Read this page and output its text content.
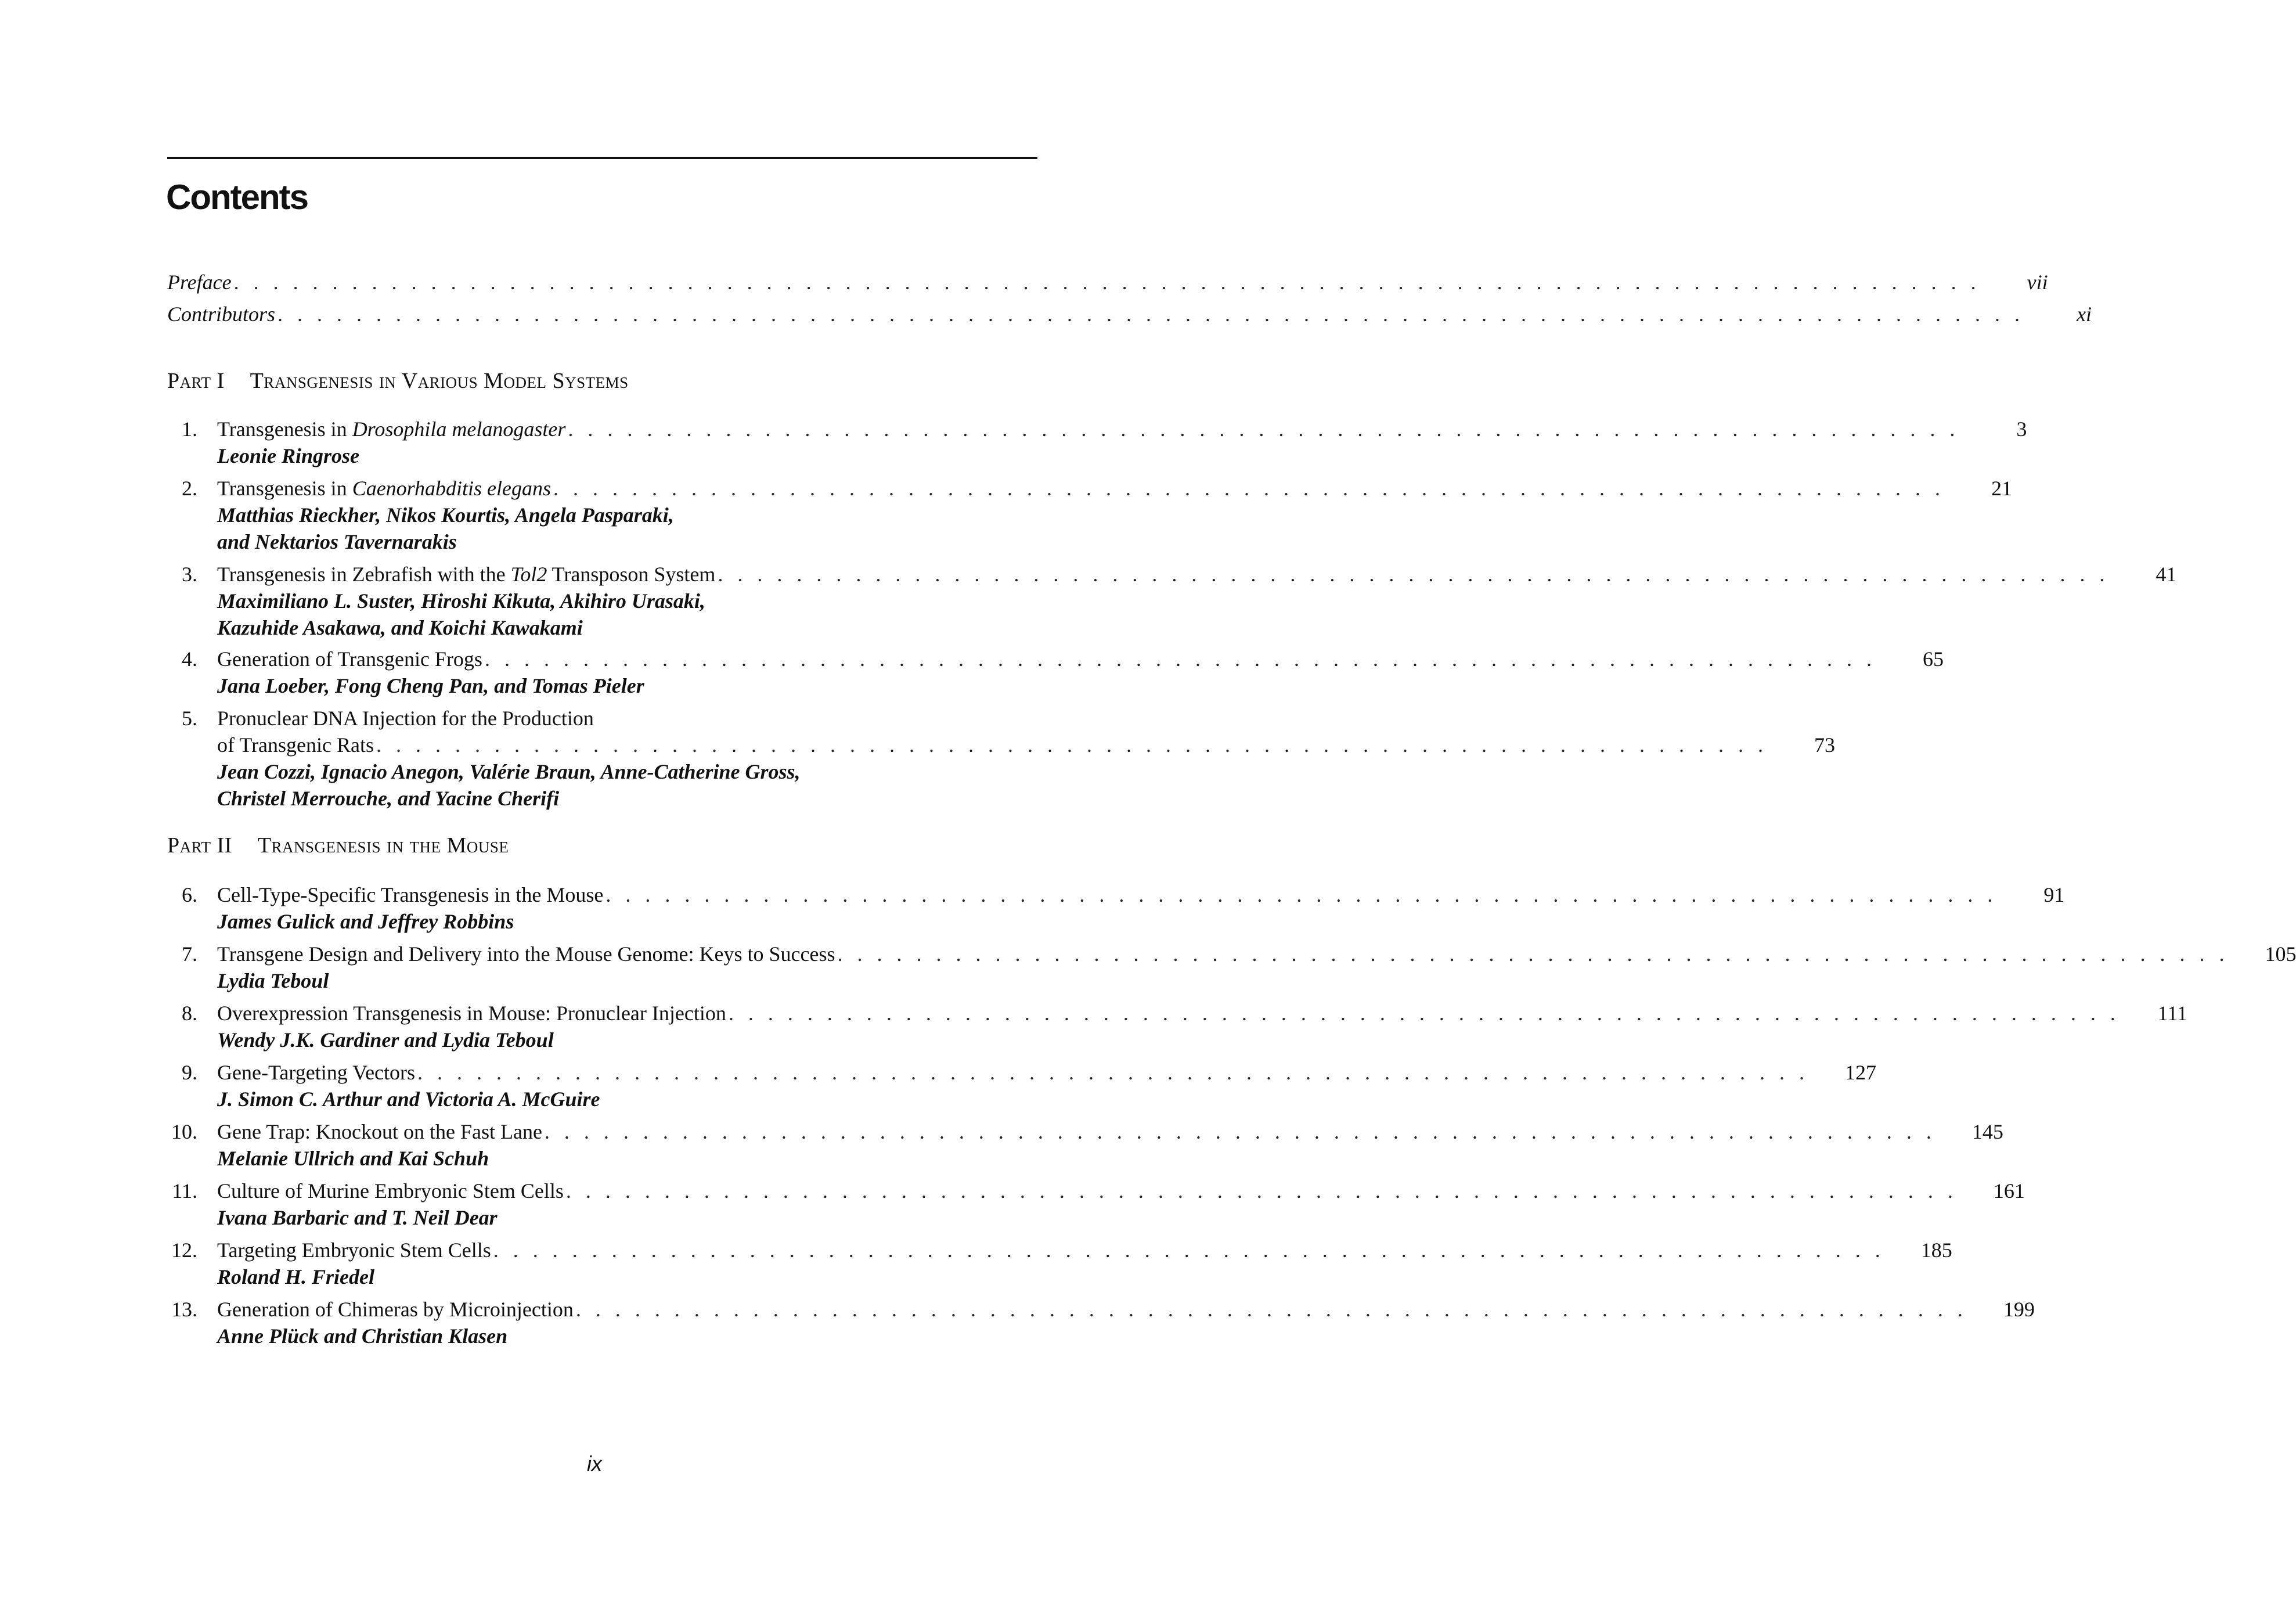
Contents
Preface . . . . . . . . . . . . . . . . . . . . . . . . . . . . . . . . . . . . . . . . . . . . . . . . . . . . . . . . . . . . . . . . . . . . . . . . . . . . . . . . . . . . . . . . .	vii
Contributors . . . . . . . . . . . . . . . . . . . . . . . . . . . . . . . . . . . . . . . . . . . . . . . . . . . . . . . . . . . . . . . . . . . . . . . . . . . . . . . . . . . . . . . . .	xi
Part I Transgenesis in Various Model Systems
1. Transgenesis in Drosophila melanogaster . . . . . . . . . . . . . . . . . . . . . . . . . . . . . . . . . . . . . . . . . . . . . . . . . . . . . . . . . . . . . . . . . . . . . . .	3
Leonie Ringrose
2. Transgenesis in Caenorhabditis elegans . . . . . . . . . . . . . . . . . . . . . . . . . . . . . . . . . . . . . . . . . . . . . . . . . . . . . . . . . . . . . . . . . . . . . . .	21
Matthias Rieckher, Nikos Kourtis, Angela Pasparaki,
and Nektarios Tavernarakis
3. Transgenesis in Zebrafish with the Tol2 Transposon System . . . . . . . . . . . . . . . . . . . . . . . . . . . . . . . . . . . . . . . . . . . . . . . . . . . . . . . . . . . . . . . . . . . . . . .	41
Maximiliano L. Suster, Hiroshi Kikuta, Akihiro Urasaki,
Kazuhide Asakawa, and Koichi Kawakami
4. Generation of Transgenic Frogs . . . . . . . . . . . . . . . . . . . . . . . . . . . . . . . . . . . . . . . . . . . . . . . . . . . . . . . . . . . . . . . . . . . . . . .	65
Jana Loeber, Fong Cheng Pan, and Tomas Pieler
5. Pronuclear DNA Injection for the Production
of Transgenic Rats . . . . . . . . . . . . . . . . . . . . . . . . . . . . . . . . . . . . . . . . . . . . . . . . . . . . . . . . . . . . . . . . . . . . . . .	73
Jean Cozzi, Ignacio Anegon, Valérie Braun, Anne-Catherine Gross,
Christel Merrouche, and Yacine Cherifi
Part II Transgenesis in the Mouse
6. Cell-Type-Specific Transgenesis in the Mouse . . . . . . . . . . . . . . . . . . . . . . . . . . . . . . . . . . . . . . . . . . . . . . . . . . . . . . . . . . . . . . . . . . . . . . .	91
James Gulick and Jeffrey Robbins
7. Transgene Design and Delivery into the Mouse Genome: Keys to Success . . . . . . . . . . . . . . . . . . . . . . . . . . . . . . . . . . . . . . . . . . . . . . . . . . . . . . . . . . . . . . . . . . . . . . .	105
Lydia Teboul
8. Overexpression Transgenesis in Mouse: Pronuclear Injection . . . . . . . . . . . . . . . . . . . . . . . . . . . . . . . . . . . . . . . . . . . . . . . . . . . . . . . . . . . . . . . . . . . . . . .	111
Wendy J.K. Gardiner and Lydia Teboul
9. Gene-Targeting Vectors . . . . . . . . . . . . . . . . . . . . . . . . . . . . . . . . . . . . . . . . . . . . . . . . . . . . . . . . . . . . . . . . . . . . . . .	127
J. Simon C. Arthur and Victoria A. McGuire
10. Gene Trap: Knockout on the Fast Lane . . . . . . . . . . . . . . . . . . . . . . . . . . . . . . . . . . . . . . . . . . . . . . . . . . . . . . . . . . . . . . . . . . . . . . .	145
Melanie Ullrich and Kai Schuh
11. Culture of Murine Embryonic Stem Cells . . . . . . . . . . . . . . . . . . . . . . . . . . . . . . . . . . . . . . . . . . . . . . . . . . . . . . . . . . . . . . . . . . . . . . .	161
Ivana Barbaric and T. Neil Dear
12. Targeting Embryonic Stem Cells . . . . . . . . . . . . . . . . . . . . . . . . . . . . . . . . . . . . . . . . . . . . . . . . . . . . . . . . . . . . . . . . . . . . . . .	185
Roland H. Friedel
13. Generation of Chimeras by Microinjection . . . . . . . . . . . . . . . . . . . . . . . . . . . . . . . . . . . . . . . . . . . . . . . . . . . . . . . . . . . . . . . . . . . . . . .	199
Anne Plück and Christian Klasen
ix
